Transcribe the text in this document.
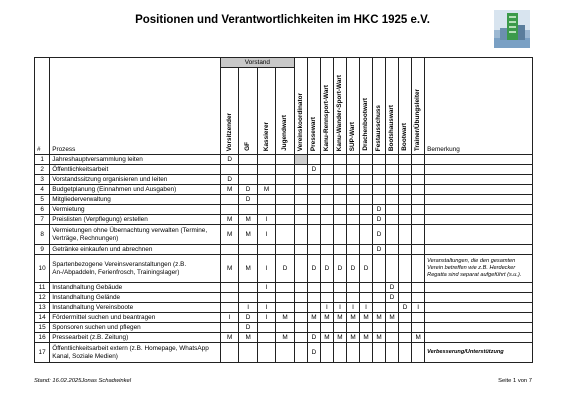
Positionen und Verantwortlichkeiten im HKC 1925 e.V.
#	Prozess	Vorstand				Vereinskoordinator	Pressewart	Kanu-Rennsport-Wart	Kanu-Wander-Sport-Wart	SUP-Wart	Drachenbootwart	Festausschuss	Bootshauswart	Bootwart	Trainer/Übungsleiter	Bemerkung
		Vorsitzender	GF	Kassierer	Jugendwart											
1	Jahreshauptversammlung leiten	D														
2	Öffentlichkeitsarbeit						D									
3	Vorstandssitzung organisieren und leiten	D														
4	Budgetplanung (Einnahmen und Ausgaben)	M	D	M												
5	Mitgliederverwaltung		D													
6	Vermietung											D				
7	Preislisten (Verpflegung) erstellen	M	M	I								D				
8	Vermietungen ohne Übernachtung verwalten (Termine, Verträge, Rechnungen)	M	M	I								D				
9	Getränke einkaufen und abrechnen											D				
10	Spartenbezogene Vereinsveranstaltungen (z.B. An-/Abpaddeln, Ferienfrosch, Trainingslager)	M	M	I	D		D	D	D	D	D					Veranstaltungen, die den gesamten Verein betreffen wie z.B. Herdecker Regatta sind separat aufgeführt (s.u.).
11	Instandhaltung Gebäude			I									D			
12	Instandhaltung Gelände												D			
13	Instandhaltung Vereinsboote		I	I				I	I	I	I			D	I	
14	Fördermittel suchen und beantragen	I	D	I	M		M	M	M	M	M	M	M			
15	Sponsoren suchen und pflegen		D													
16	Pressearbeit (z.B. Zeitung)	M	M		M		D	M	M	M	M	M			M	
17	Öffentlichkeitsarbeit extern (z.B. Homepage, WhatsApp Kanal, Soziale Medien)						D									Verbesserung/Unterstützung
Stand: 16.02.2025Jonas Schadwinkel	Seite 1 von 7
